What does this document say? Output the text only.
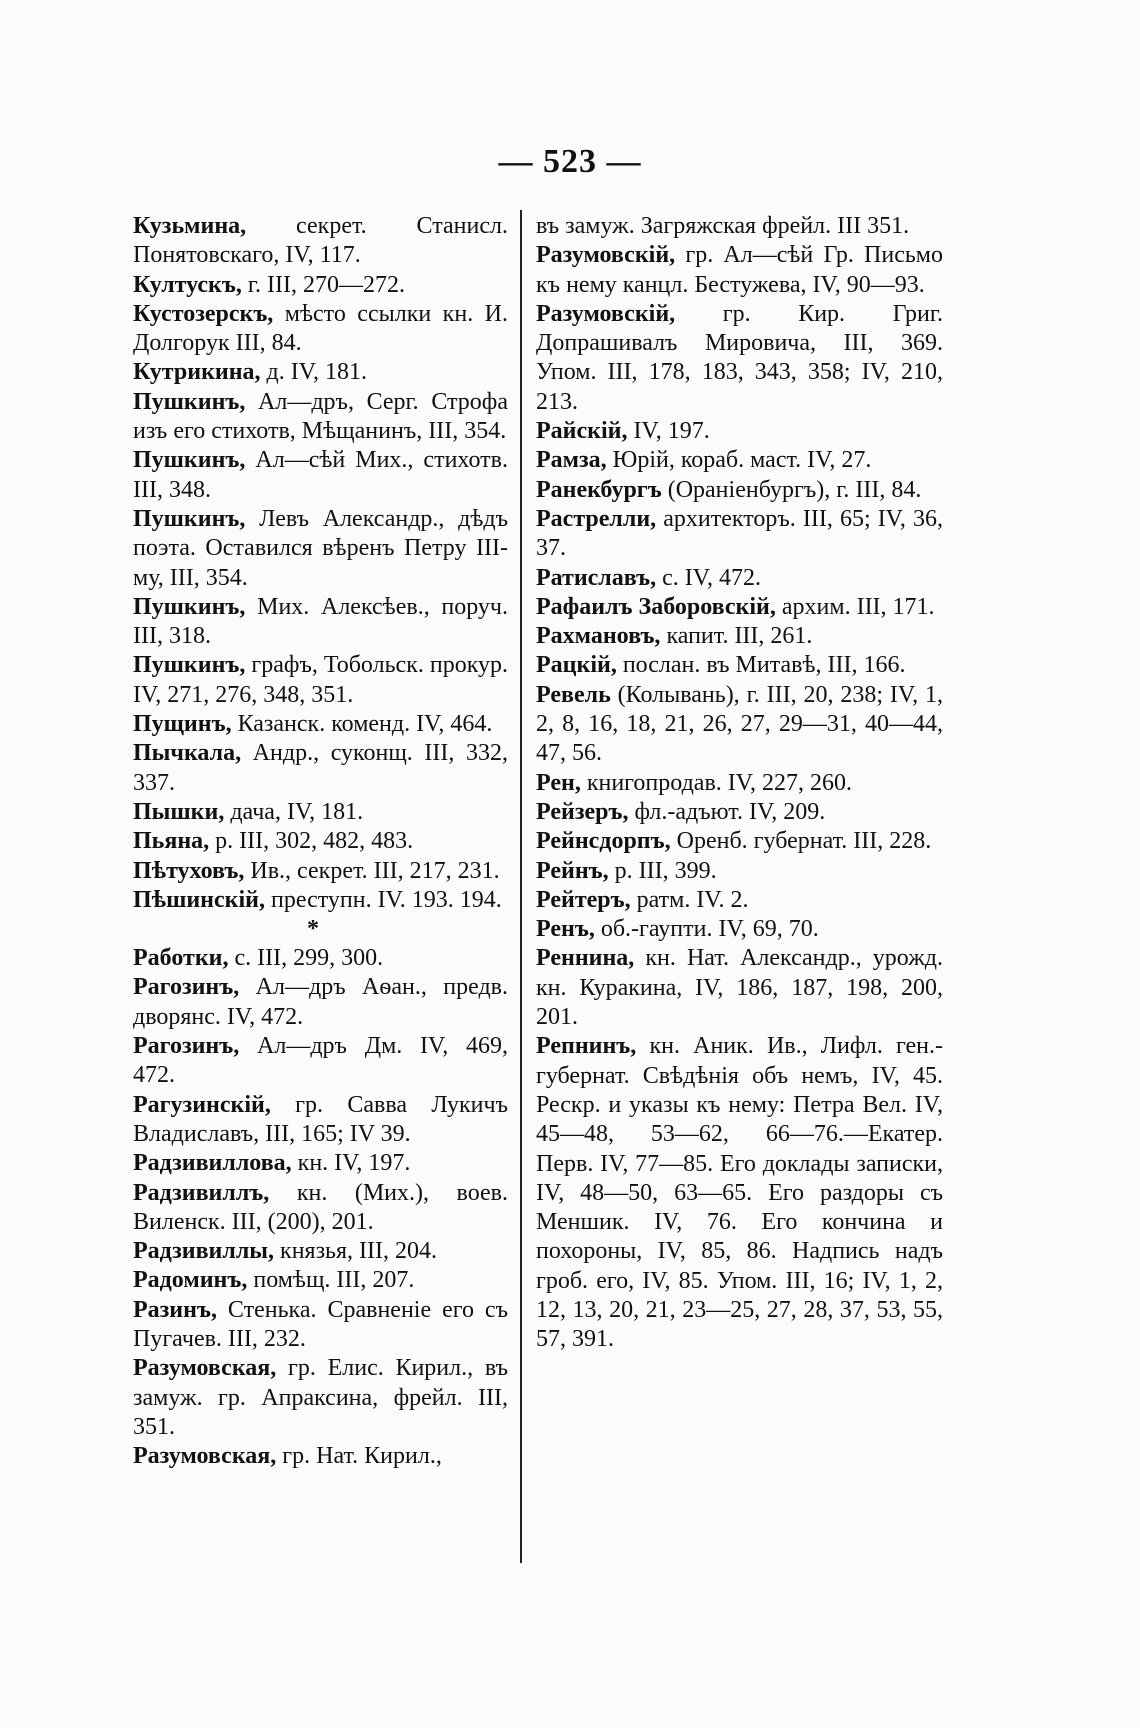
— 523 —

Кузьмина, секрет. Станисл. Понятовскаго, IV, 117.

Култускъ, г. III, 270—272.

Кустозерскъ, мѣсто ссылки кн. И. Долгорук III, 84.

Кутрикина, д. IV, 181.

Пушкинъ, Ал—дръ, Серг. Строфа изъ его стихотв, Мѣщанинъ, III, 354.

Пушкинъ, Ал—сѣй Мих., стихотв. III, 348.

Пушкинъ, Левъ Александр., дѣдъ поэта. Оставился вѣренъ Петру III-му, III, 354.

Пушкинъ, Мих. Алексѣев., поруч. III, 318.

Пушкинъ, графъ, Тобольск. прокур. IV, 271, 276, 348, 351.

Пущинъ, Казанск. коменд. IV, 464.

Пычкала, Андр., суконщ. III, 332, 337.

Пышки, дача, IV, 181.

Пьяна, р. III, 302, 482, 483.

Пѣтуховъ, Ив., секрет. III, 217, 231.

Пѣшинскій, преступн. IV. 193. 194.

*

Работки, с. III, 299, 300.

Рагозинъ, Ал—дръ Аѳан., предв. дворянс. IV, 472.

Рагозинъ, Ал—дръ Дм. IV, 469, 472.

Рагузинскій, гр. Савва Лукичъ Владиславъ, III, 165; IV 39.

Радзивиллова, кн. IV, 197.

Радзивиллъ, кн. (Мих.), воев. Виленск. III, (200), 201.

Радзивиллы, князья, III, 204.

Радоминъ, помѣщ. III, 207.

Разинъ, Стенька. Сравненіе его съ Пугачев. III, 232.

Разумовская, гр. Елис. Кирил., въ замуж. гр. Апраксина, фрейл. III, 351.

Разумовская, гр. Нат. Кирил.,

въ замуж. Загряжская фрейл. III 351.

Разумовскій, гр. Ал—сѣй Гр. Письмо къ нему канцл. Бестужева, IV, 90—93.

Разумовскій, гр. Кир. Григ. Допрашивалъ Мировича, III, 369. Упом. III, 178, 183, 343, 358; IV, 210, 213.

Райскій, IV, 197.

Рамза, Юрій, кораб. маст. IV, 27.

Ранекбургъ (Ораніенбургъ), г. III, 84.

Растрелли, архитекторъ. III, 65; IV, 36, 37.

Ратиславъ, с. IV, 472.

Рафаилъ Заборовскій, архим. III, 171.

Рахмановъ, капит. III, 261.

Рацкій, послан. въ Митавѣ, III, 166.

Ревель (Колывань), г. III, 20, 238; IV, 1, 2, 8, 16, 18, 21, 26, 27, 29—31, 40—44, 47, 56.

Рен, книгопродав. IV, 227, 260.

Рейзеръ, фл.-адъют. IV, 209.

Рейнсдорпъ, Оренб. губернат. III, 228.

Рейнъ, р. III, 399.

Рейтеръ, ратм. IV. 2.

Ренъ, об.-гаупти. IV, 69, 70.

Реннина, кн. Нат. Александр., урожд. кн. Куракина, IV, 186, 187, 198, 200, 201.

Репнинъ, кн. Аник. Ив., Лифл. ген.-губернат. Свѣдѣнія объ немъ, IV, 45. Рескр. и указы къ нему: Петра Вел. IV, 45—48, 53—62, 66—76.—Екатер. Перв. IV, 77—85. Его доклады записки, IV, 48—50, 63—65. Его раздоры съ Меншик. IV, 76. Его кончина и похороны, IV, 85, 86. Надпись надъ гроб. его, IV, 85. Упом. III, 16; IV, 1, 2, 12, 13, 20, 21, 23—25, 27, 28, 37, 53, 55, 57, 391.
